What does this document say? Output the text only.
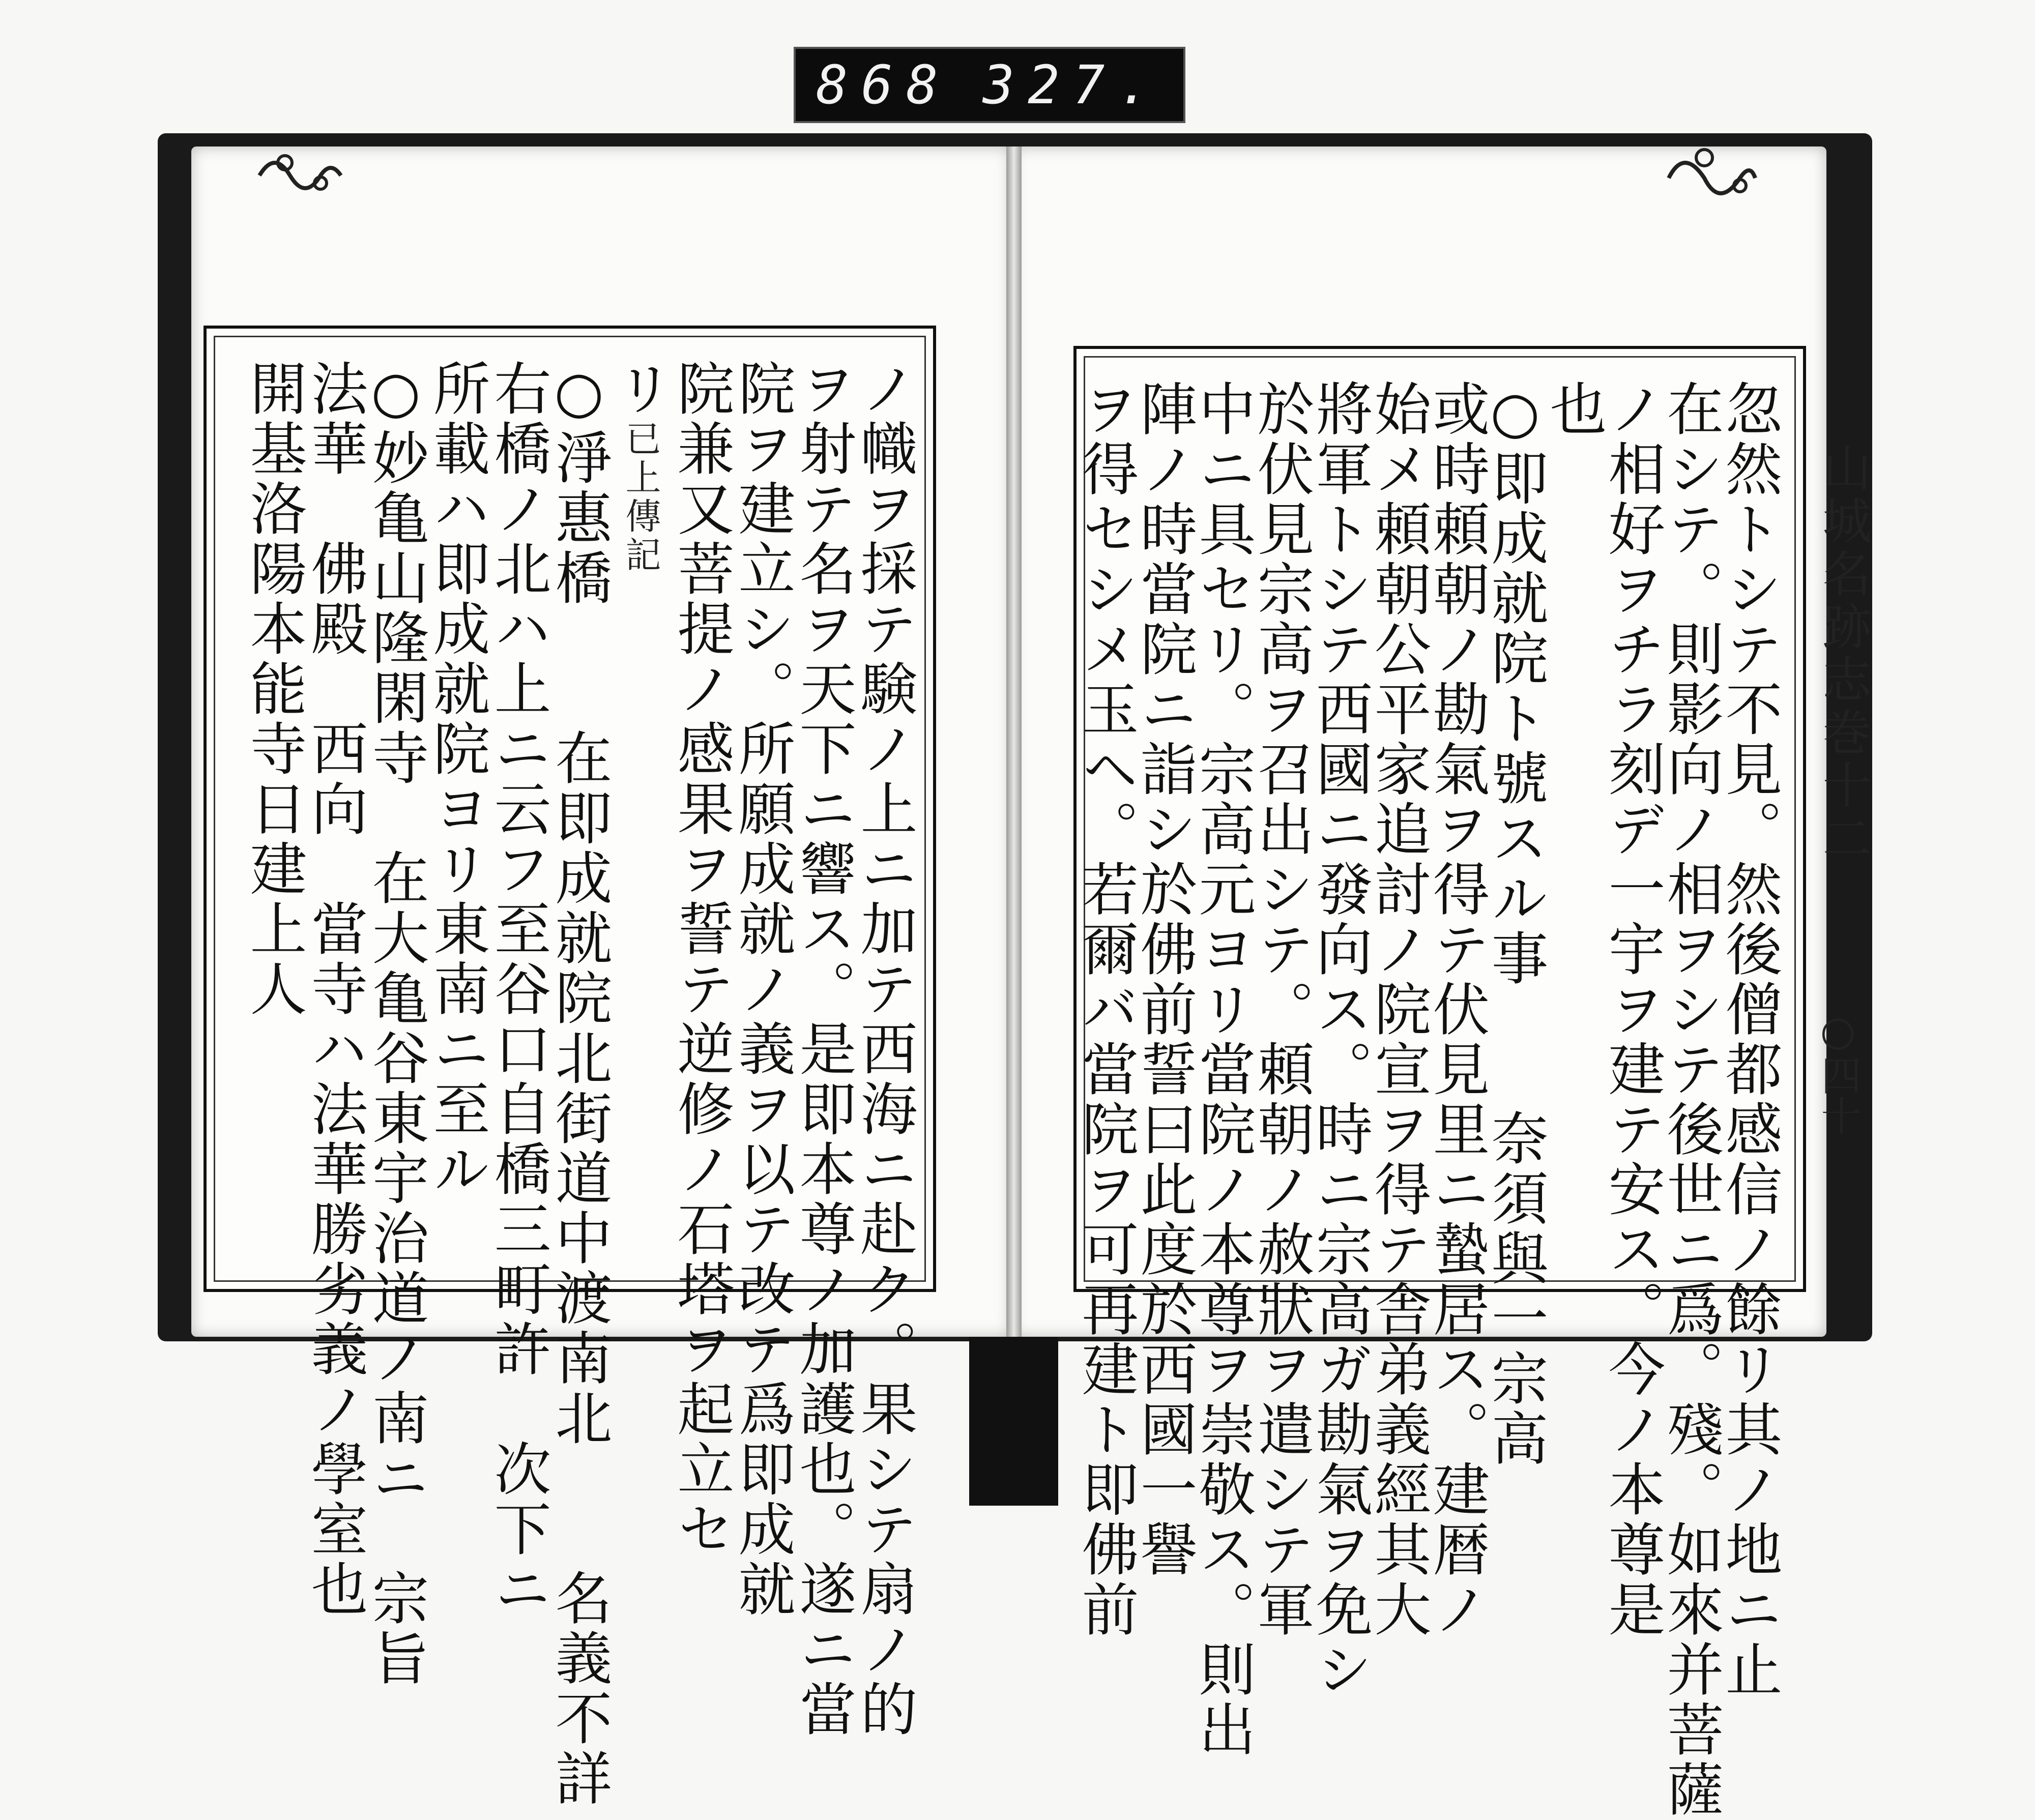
868 327.
山城名跡志巻十二
○四十
忽然トシテ不見。然後僧都感信ノ餘リ其ノ地ニ止
在シテ。則影向ノ相ヲシテ後世ニ爲。殘。如來并菩薩
ノ相好ヲチラ刻デ一宇ヲ建テ安ス。今ノ本尊是
也
○即成就院ト號スル事　　奈須與一宗高
或時頼朝ノ勘氣ヲ得テ伏見里ニ蟄居ス。建暦ノ
始メ頼朝公平家追討ノ院宣ヲ得テ舎弟義經其大
將軍トシテ西國ニ發向ス。時ニ宗高ガ勘氣ヲ免シ
於伏見宗高ヲ召出シテ。頼朝ノ赦狀ヲ遣シテ軍
中ニ具セリ。宗高元ヨリ當院ノ本尊ヲ崇敬ス。則出
陣ノ時當院ニ詣シ於佛前誓曰此度於西國一譽
ヲ得セシメ玉ヘ。若爾バ當院ヲ可再建ト即佛前
ノ幟ヲ採テ験ノ上ニ加テ西海ニ赴ク。果シテ扇ノ的
ヲ射テ名ヲ天下ニ響ス。是即本尊ノ加護也。遂ニ當
院ヲ建立シ。所願成就ノ義ヲ以テ改テ爲即成就
院兼又菩提ノ感果ヲ誓テ逆修ノ石塔ヲ起立セ
リ
已上傳記
○淨惠橋　　在即成就院北街道中渡南北　　名義不詳
右橋ノ北ハ上ニ云フ至谷口自橋三町許　次下ニ
所載ハ即成就院ヨリ東南ニ至ル
○妙亀山隆閑寺　在大亀谷東宇治道ノ南ニ　宗旨
法華　佛殿　西向　當寺ハ法華勝劣義ノ學室也
開基洛陽本能寺日建上人
